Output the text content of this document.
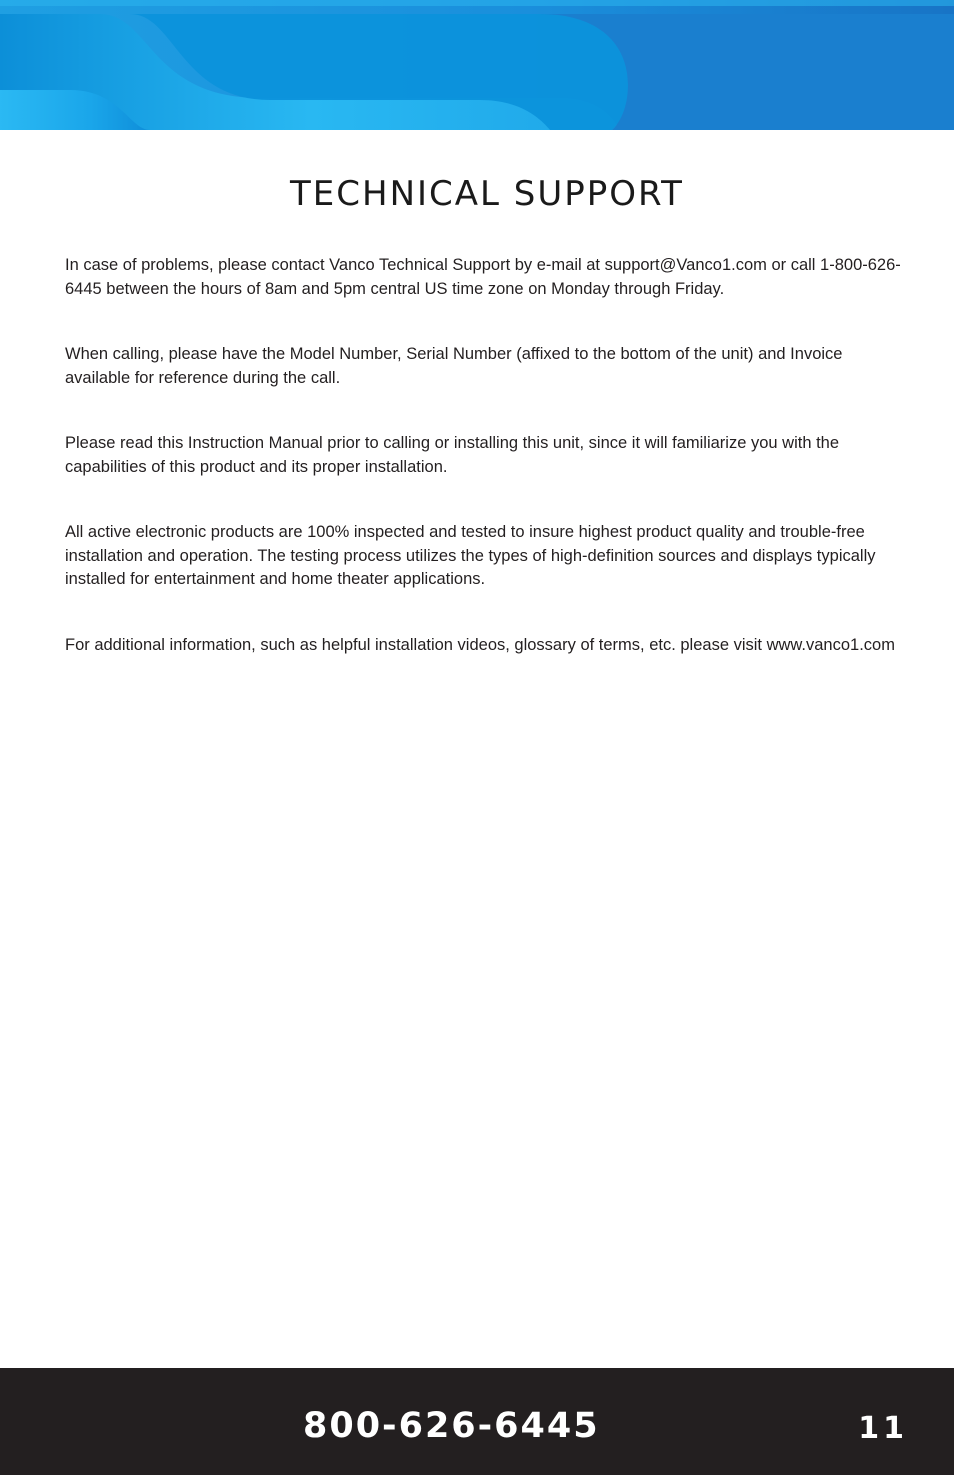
TECHNICAL SUPPORT

In case of problems, please contact Vanco Technical Support by e-mail at support@Vanco1.com or call 1-800-626-6445 between the hours of 8am and 5pm central US time zone on Monday through Friday.

When calling, please have the Model Number, Serial Number (affixed to the bottom of the unit) and Invoice available for reference during the call.

Please read this Instruction Manual prior to calling or installing this unit, since it will familiarize you with the capabilities of this product and its proper installation.

All active electronic products are 100% inspected and tested to insure highest product quality and trouble-free installation and operation. The testing process utilizes the types of high-definition sources and displays typically installed for entertainment and home theater applications.

For additional information, such as helpful installation videos, glossary of terms, etc. please visit www.vanco1.com

800-626-6445	11
